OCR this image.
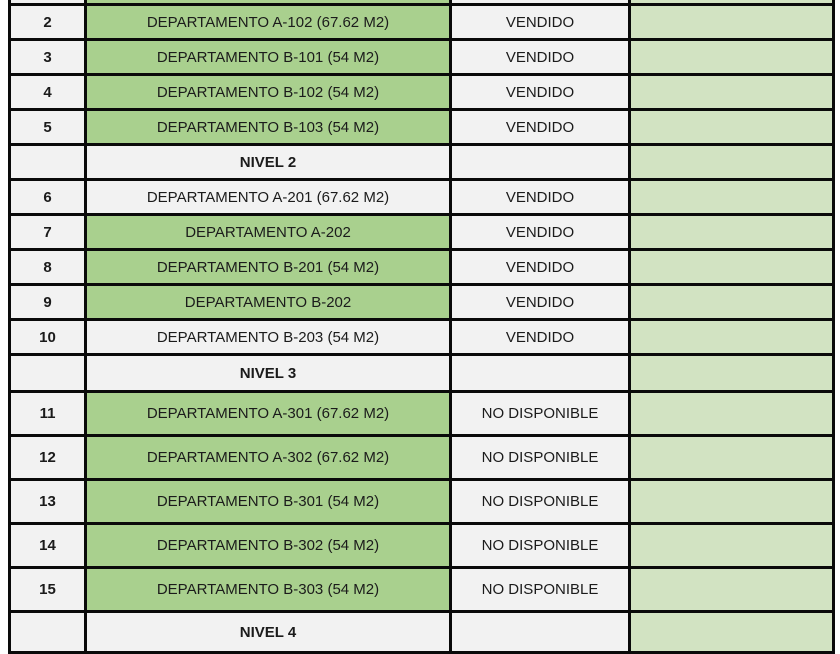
2	DEPARTAMENTO A-102 (67.62 M2)	VENDIDO	
3	DEPARTAMENTO B-101 (54 M2)	VENDIDO	
4	DEPARTAMENTO B-102 (54 M2)	VENDIDO	
5	DEPARTAMENTO B-103 (54 M2)	VENDIDO	
	NIVEL 2		
6	DEPARTAMENTO A-201 (67.62 M2)	VENDIDO	
7	DEPARTAMENTO A-202	VENDIDO	
8	DEPARTAMENTO B-201 (54 M2)	VENDIDO	
9	DEPARTAMENTO B-202	VENDIDO	
10	DEPARTAMENTO B-203 (54 M2)	VENDIDO	
	NIVEL 3		
11	DEPARTAMENTO A-301 (67.62 M2)	NO DISPONIBLE	
12	DEPARTAMENTO A-302 (67.62 M2)	NO DISPONIBLE	
13	DEPARTAMENTO B-301 (54 M2)	NO DISPONIBLE	
14	DEPARTAMENTO B-302 (54 M2)	NO DISPONIBLE	
15	DEPARTAMENTO B-303 (54 M2)	NO DISPONIBLE	
	NIVEL 4		
